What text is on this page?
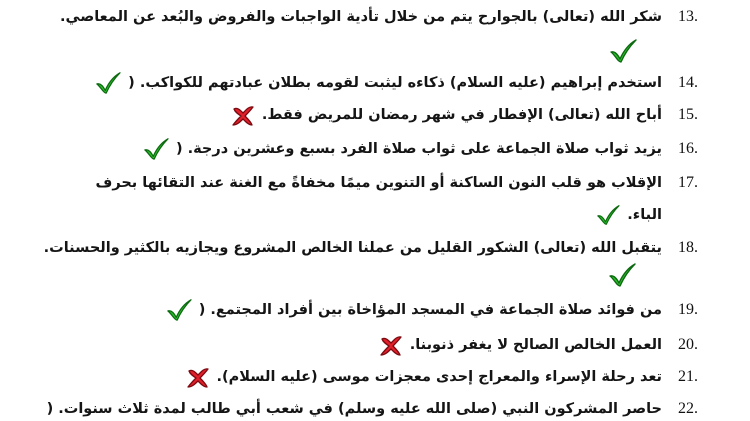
13.
شكر الله (تعالى) بالجوارح يتم من خلال تأدية الواجبات والفروض والبُعد عن المعاصي.
14.
استخدم إبراهيم (عليه السلام) ذكاءه ليثبت لقومه بطلان عبادتهم للكواكب. (
15.
أباح الله (تعالى) الإفطار في شهر رمضان للمريض فقط.
16.
يزيد ثواب صلاة الجماعة على ثواب صلاة الفرد بسبع وعشرين درجة. (
17.
الإقلاب هو قلب النون الساكنة أو التنوين ميمًا مخفاةً مع الغنة عند التقائها بحرف
الباء.
18.
يتقبل الله (تعالى) الشكور القليل من عملنا الخالص المشروع ويجازيه بالكثير والحسنات.
19.
من فوائد صلاة الجماعة في المسجد المؤاخاة بين أفراد المجتمع. (
20.
العمل الخالص الصالح لا يغفر ذنوبنا.
21.
تعد رحلة الإسراء والمعراج إحدى معجزات موسى (عليه السلام).
22.
حاصر المشركون النبي (صلى الله عليه وسلم) في شعب أبي طالب لمدة ثلاث سنوات. (
